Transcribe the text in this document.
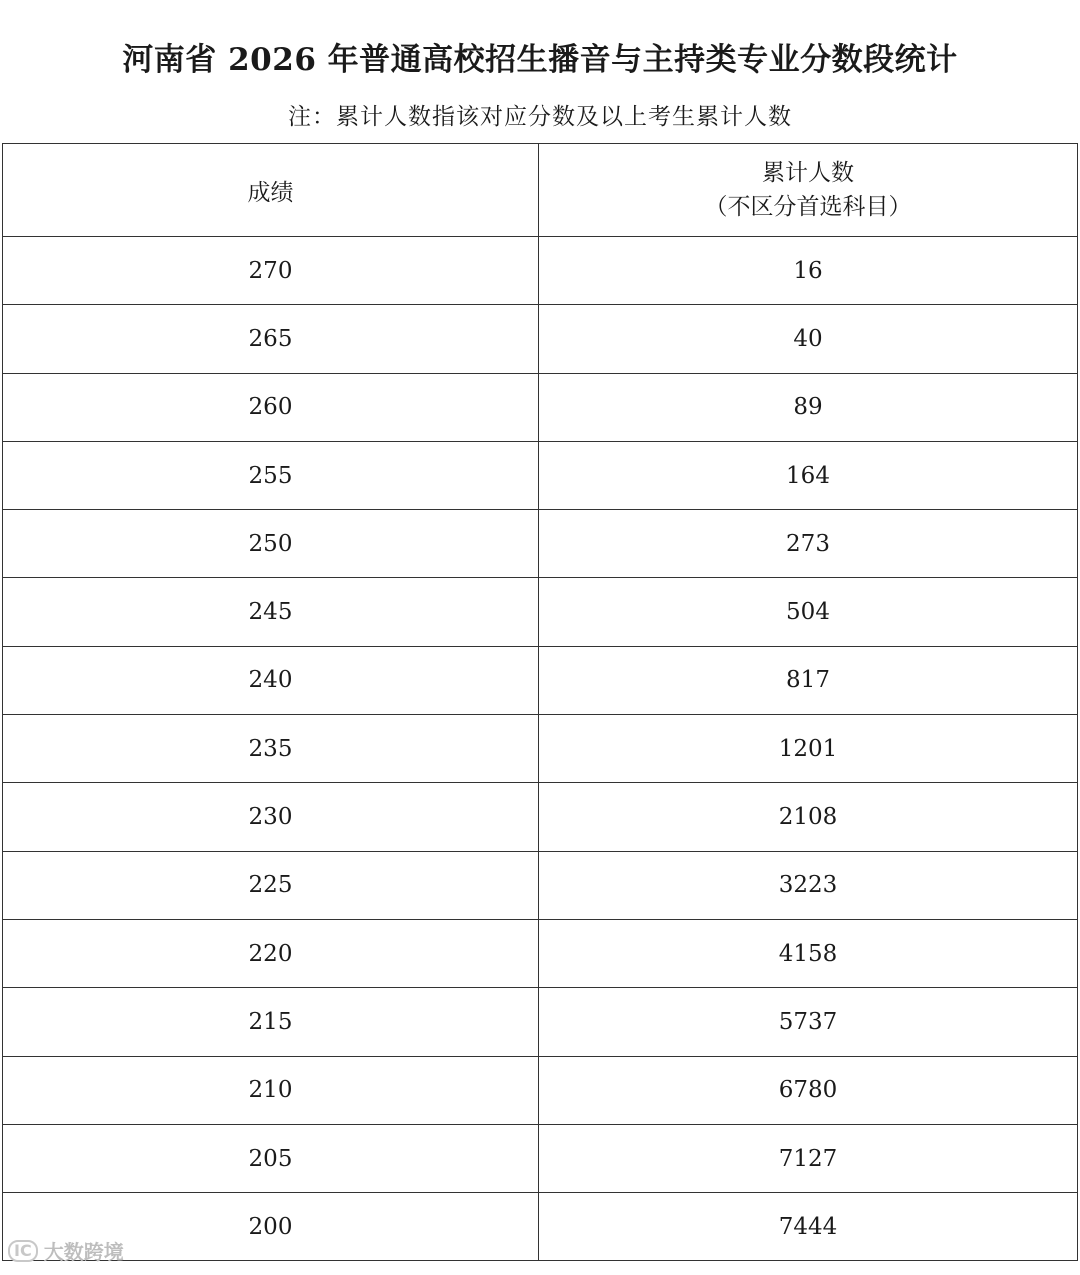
河南省 2026 年普通高校招生播音与主持类专业分数段统计
注：累计人数指该对应分数及以上考生累计人数
成绩	累计人数
（不区分首选科目）

270	16
265	40
260	89
255	164
250	273
245	504
240	817
235	1201
230	2108
225	3223
220	4158
215	5737
210	6780
205	7127
200	7444
IC 大数跨境
